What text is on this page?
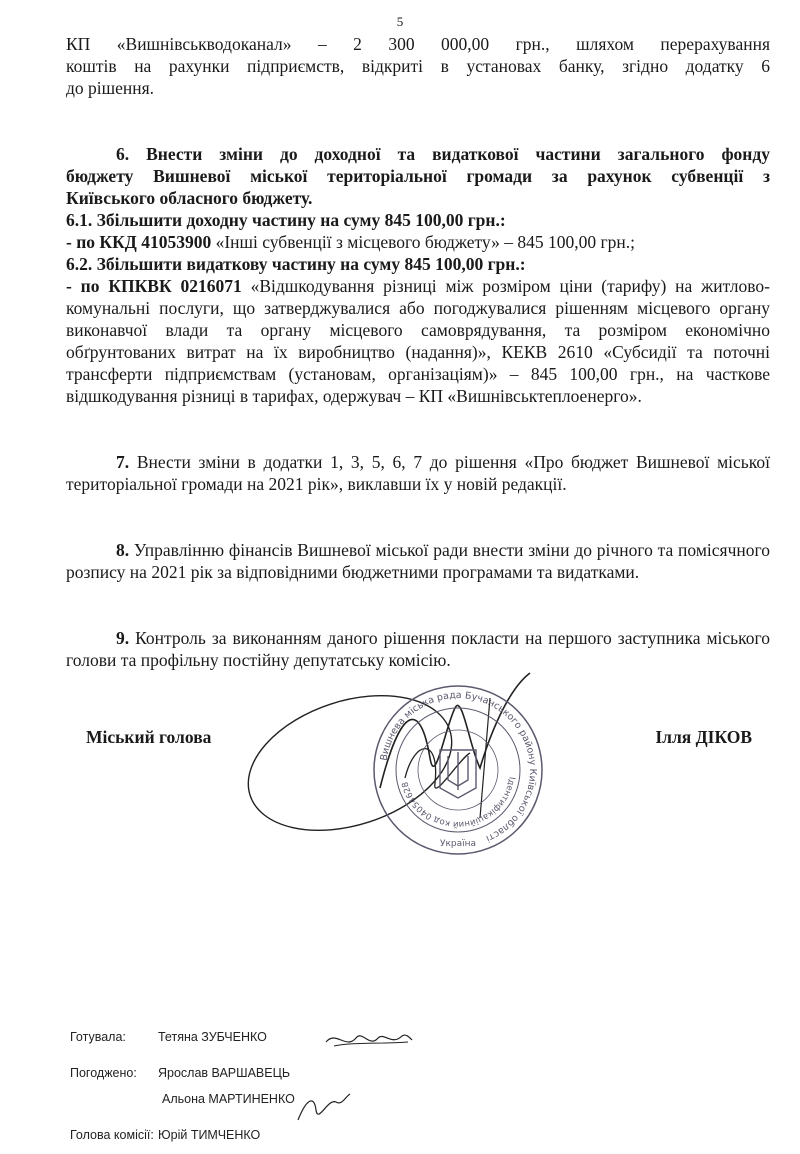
5

КП «Вишнівськводоканал» – 2 300 000,00 грн., шляхом перерахування

коштів на рахунки підприємств, відкриті в установах банку, згідно додатку 6

до рішення.

6. Внести зміни до доходної та видаткової частини загального фонду

бюджету Вишневої міської територіальної громади за рахунок субвенції з

Київського обласного бюджету.

6.1. Збільшити доходну частину на суму 845 100,00 грн.:

- по ККД 41053900 «Інші субвенції з місцевого бюджету» – 845 100,00 грн.;

6.2. Збільшити видаткову частину на суму 845 100,00 грн.:

- по КПКВК 0216071 «Відшкодування різниці між розміром ціни (тарифу) на житлово-комунальні послуги, що затверджувалися або погоджувалися рішенням місцевого органу виконавчої влади та органу місцевого самоврядування, та розміром економічно обґрунтованих витрат на їх виробництво (надання)», КЕКВ 2610 «Субсидії та поточні трансферти підприємствам (установам, організаціям)» – 845 100,00 грн., на часткове відшкодування різниці в тарифах, одержувач – КП «Вишнівськтеплоенерго».

7. Внести зміни в додатки 1, 3, 5, 6, 7 до рішення «Про бюджет Вишневої міської територіальної громади на 2021 рік», виклавши їх у новій редакції.

8. Управлінню фінансів Вишневої міської ради внести зміни до річного та помісячного розпису на 2021 рік за відповідними бюджетними програмами та видатками.

9. Контроль за виконанням даного рішення покласти на першого заступника міського голови та профільну постійну депутатську комісію.

Вишнева міська рада Бучанського району Київської області
Ідентифікаційний код 04054628
Україна
Міський голова	Ілля ДІКОВ
Готувала:	Тетяна ЗУБЧЕНКО
Погоджено: Ярослав ВАРШАВЕЦЬ
Альона МАРТИНЕНКО
Голова комісії: Юрій ТИМЧЕНКО
